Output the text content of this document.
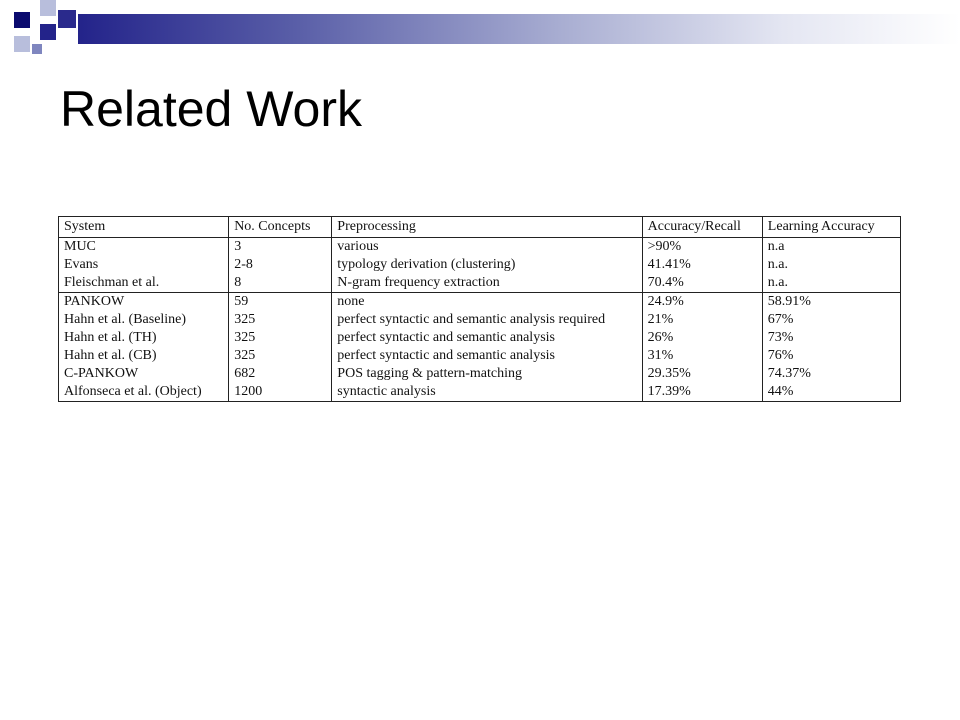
Related Work
System	No. Concepts	Preprocessing	Accuracy/Recall	Learning Accuracy
MUC	3	various	>90%	n.a
Evans	2-8	typology derivation (clustering)	41.41%	n.a.
Fleischman et al.	8	N-gram frequency extraction	70.4%	n.a.
PANKOW	59	none	24.9%	58.91%
Hahn et al. (Baseline)	325	perfect syntactic and semantic analysis required	21%	67%
Hahn et al. (TH)	325	perfect syntactic and semantic analysis	26%	73%
Hahn et al. (CB)	325	perfect syntactic and semantic analysis	31%	76%
C-PANKOW	682	POS tagging & pattern-matching	29.35%	74.37%
Alfonseca et al. (Object)	1200	syntactic analysis	17.39%	44%
